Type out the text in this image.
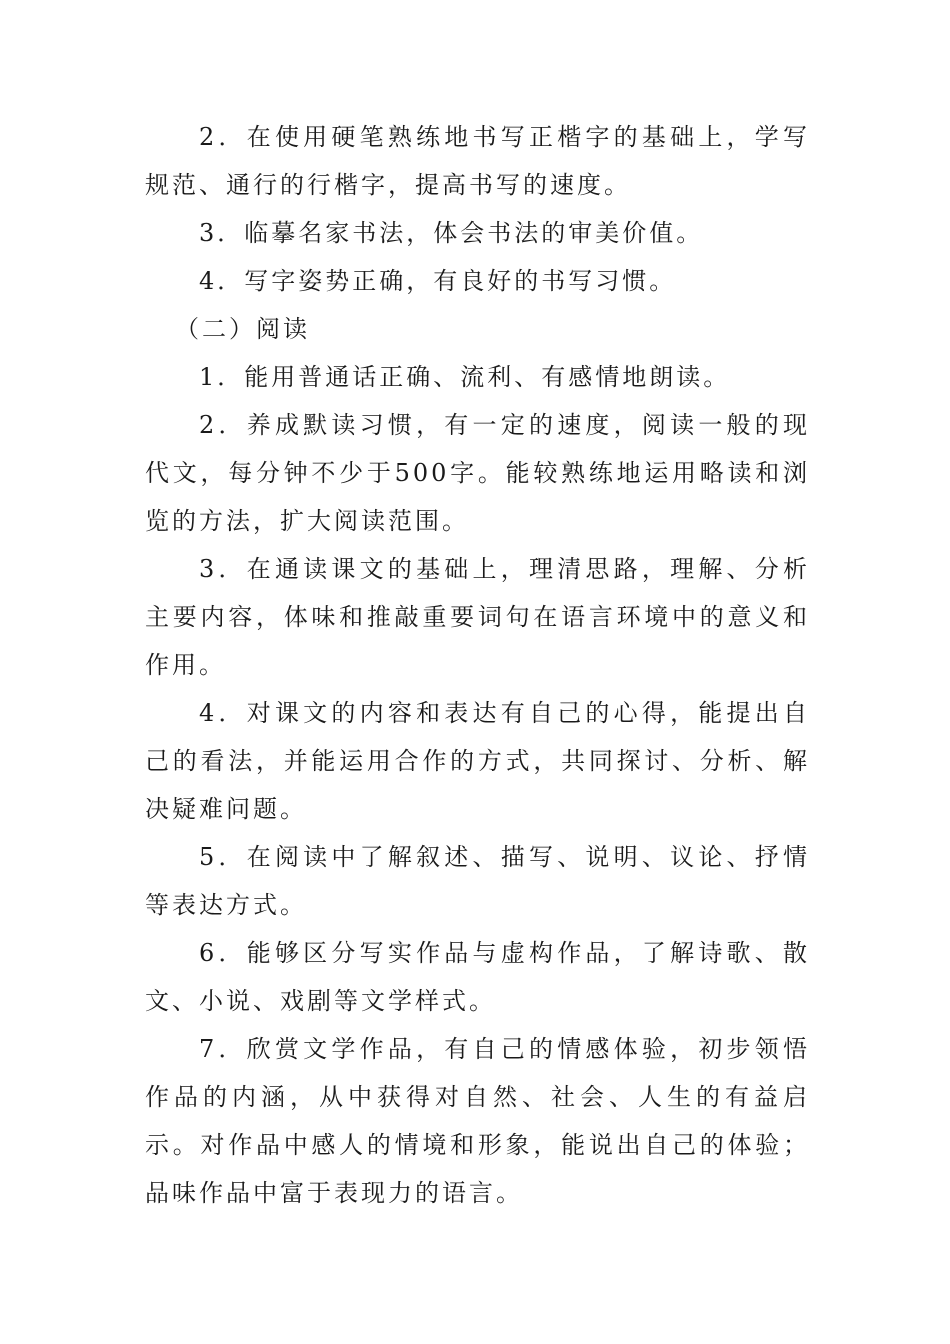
2．在使用硬笔熟练地书写正楷字的基础上，学写规范、通行的行楷字，提高书写的速度。

3．临摹名家书法，体会书法的审美价值。

4．写字姿势正确，有良好的书写习惯。

（二）阅读

1．能用普通话正确、流利、有感情地朗读。

2．养成默读习惯，有一定的速度，阅读一般的现代文，每分钟不少于500字。能较熟练地运用略读和浏览的方法，扩大阅读范围。

3．在通读课文的基础上，理清思路，理解、分析主要内容，体味和推敲重要词句在语言环境中的意义和作用。

4．对课文的内容和表达有自己的心得，能提出自己的看法，并能运用合作的方式，共同探讨、分析、解决疑难问题。

5．在阅读中了解叙述、描写、说明、议论、抒情等表达方式。

6．能够区分写实作品与虚构作品，了解诗歌、散文、小说、戏剧等文学样式。

7．欣赏文学作品，有自己的情感体验，初步领悟作品的内涵，从中获得对自然、社会、人生的有益启示。对作品中感人的情境和形象，能说出自己的体验；品味作品中富于表现力的语言。
